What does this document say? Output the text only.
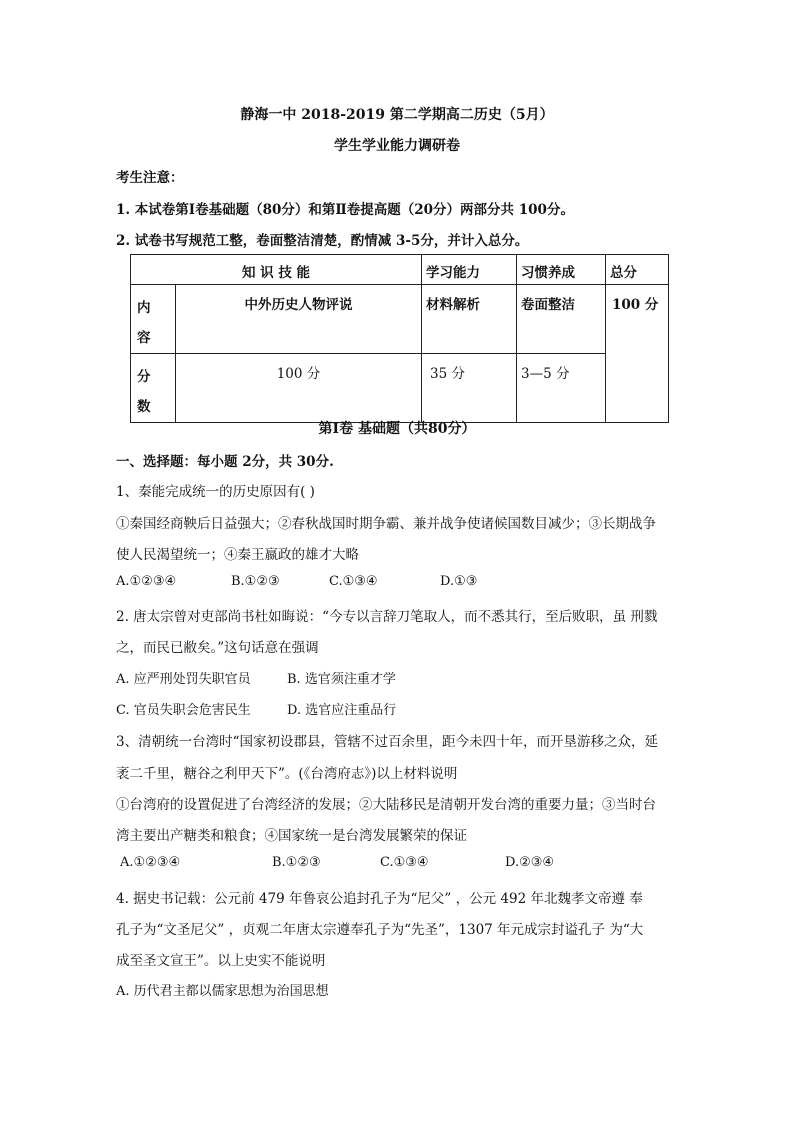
静海一中 2018-2019 第二学期高二历史（5月）
学生学业能力调研卷
考生注意：
1. 本试卷第Ⅰ卷基础题（80分）和第Ⅱ卷提高题（20分）两部分共 100分。
2. 试卷书写规范工整，卷面整洁清楚，酌情减 3-5分，并计入总分。
知 识 技 能		学习能力	习惯养成	总分

内
容	中外历史人物评说	材料解析	卷面整洁	100 分

分
数	100 分	35 分	3—5 分	
第Ⅰ卷 基础题（共80分）
一、选择题：每小题 2分，共 30分.
1、秦能完成统一的历史原因有( )
①秦国经商鞅后日益强大；②春秋战国时期争霸、兼并战争使诸候国数目减少；③长期战争
使人民渴望统一；④秦王嬴政的雄才大略
A.①②③④	B.①②③	C.①③④	D.①③
2. 唐太宗曾对吏部尚书杜如晦说：“今专以言辞刀笔取人，而不悉其行，至后败职，虽 刑戮
之，而民已敝矣。”这句话意在强调
A. 应严刑处罚失职官员	B. 选官须注重才学
C. 官员失职会危害民生	D. 选官应注重品行
3、清朝统一台湾时“国家初设郡县，管辖不过百余里，距今未四十年，而开垦游移之众，延
袤二千里，糖谷之利甲天下”。(《台湾府志》)以上材料说明
①台湾府的设置促进了台湾经济的发展；②大陆移民是清朝开发台湾的重要力量；③当时台
湾主要出产糖类和粮食；④国家统一是台湾发展繁荣的保证
A.①②③④	B.①②③	C.①③④	D.②③④
4. 据史书记载：公元前 479 年鲁哀公追封孔子为“尼父” ，公元 492 年北魏孝文帝遵 奉
孔子为“文圣尼父” ，贞观二年唐太宗遵奉孔子为“先圣”，1307 年元成宗封谥孔子 为“大
成至圣文宣王”。以上史实不能说明
A. 历代君主都以儒家思想为治国思想
